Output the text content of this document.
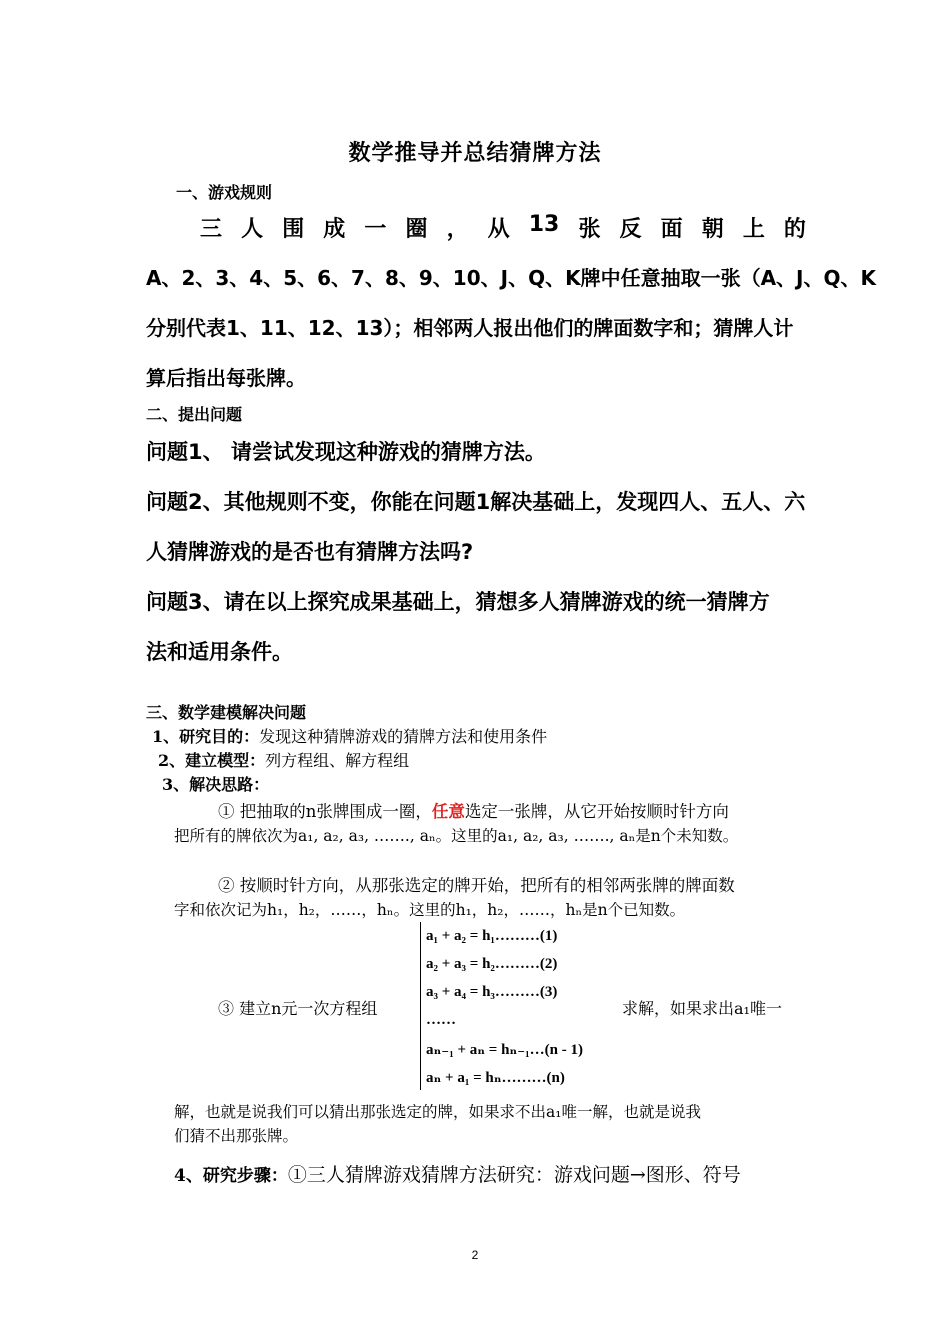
数学推导并总结猜牌方法
一、游戏规则
三 人 围 成 一 圈 ， 从 13 张 反 面 朝 上 的
A、2、3、4、5、6、7、8、9、10、J、Q、K牌中任意抽取一张（A、J、Q、K
分别代表1、11、12、13）；相邻两人报出他们的牌面数字和；猜牌人计
算后指出每张牌。
二、提出问题
问题1、 请尝试发现这种游戏的猜牌方法。
问题2、其他规则不变，你能在问题1解决基础上，发现四人、五人、六
人猜牌游戏的是否也有猜牌方法吗?
问题3、请在以上探究成果基础上，猜想多人猜牌游戏的统一猜牌方
法和适用条件。
三、数学建模解决问题
1、研究目的：发现这种猜牌游戏的猜牌方法和使用条件
2、建立模型：列方程组、解方程组
3、解决思路：
① 把抽取的n张牌围成一圈，任意选定一张牌，从它开始按顺时针方向
把所有的牌依次为a₁, a₂, a₃, ……., aₙ。这里的a₁, a₂, a₃, ……., aₙ是n个未知数。
② 按顺时针方向，从那张选定的牌开始，把所有的相邻两张牌的牌面数
字和依次记为h₁，h₂，……，hₙ。这里的h₁，h₂，……，hₙ是n个已知数。
③ 建立n元一次方程组
a₁ + a₂ = h₁………(1)
a₂ + a₃ = h₂………(2)
a₃ + a₄ = h₃………(3)
……
aₙ₋₁ + aₙ = hₙ₋₁…(n - 1)
aₙ + a₁ = hₙ………(n)
求解，如果求出a₁唯一
解，也就是说我们可以猜出那张选定的牌，如果求不出a₁唯一解，也就是说我
们猜不出那张牌。
4、研究步骤：①三人猜牌游戏猜牌方法研究：游戏问题→图形、符号
2
